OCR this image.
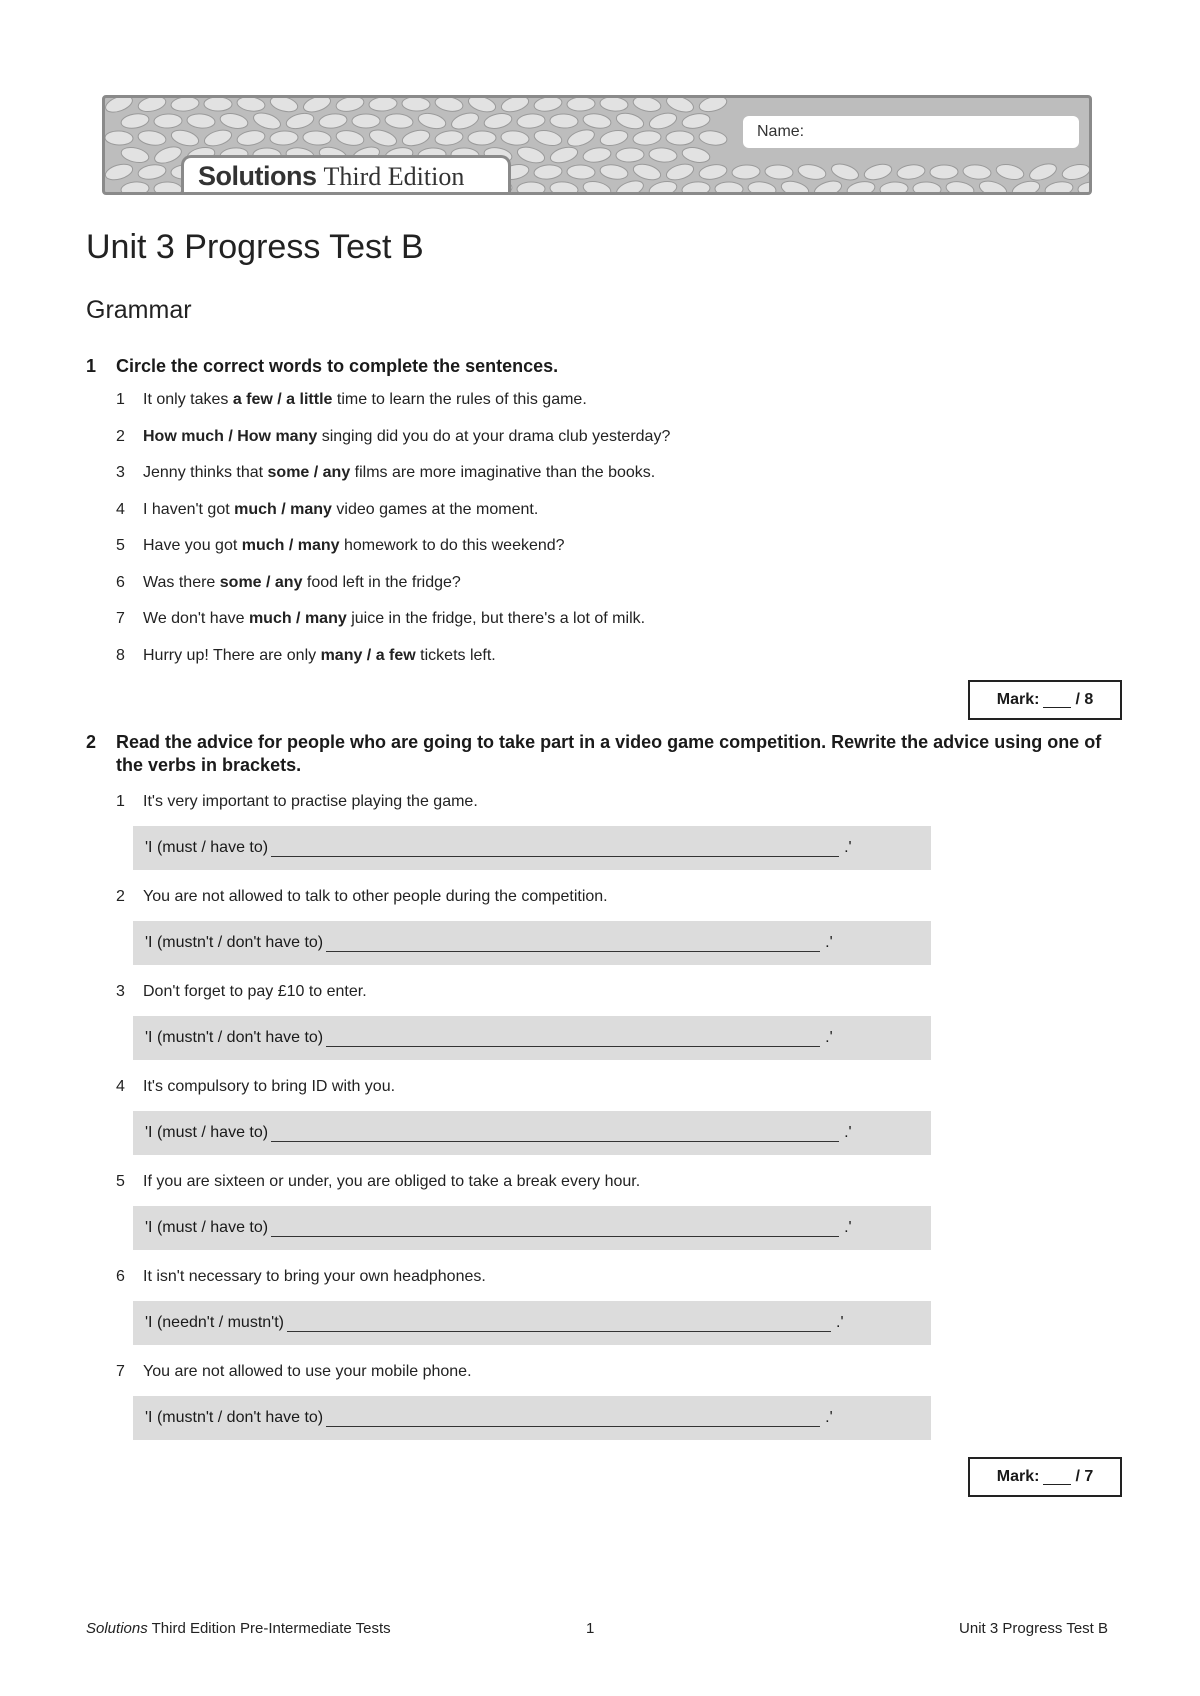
Solutions Third Edition
Name:
Unit 3 Progress Test B
Grammar
1 Circle the correct words to complete the sentences.
1 It only takes a few / a little time to learn the rules of this game.
2 How much / How many singing did you do at your drama club yesterday?
3 Jenny thinks that some / any films are more imaginative than the books.
4 I haven't got much / many video games at the moment.
5 Have you got much / many homework to do this weekend?
6 Was there some / any food left in the fridge?
7 We don't have much / many juice in the fridge, but there's a lot of milk.
8 Hurry up! There are only many / a few tickets left.
Mark: / 8
2 Read the advice for people who are going to take part in a video game competition. Rewrite the advice using one of the verbs in brackets.
1 It's very important to practise playing the game.
'I (must / have to)	.'
2 You are not allowed to talk to other people during the competition.
'I (mustn't / don't have to)	.'
3 Don't forget to pay £10 to enter.
'I (mustn't / don't have to)	.'
4 It's compulsory to bring ID with you.
'I (must / have to)	.'
5 If you are sixteen or under, you are obliged to take a break every hour.
'I (must / have to)	.'
6 It isn't necessary to bring your own headphones.
'I (needn't / mustn't)	.'
7 You are not allowed to use your mobile phone.
'I (mustn't / don't have to)	.'
Mark: / 7
Solutions Third Edition Pre-Intermediate Tests	1	Unit 3 Progress Test B
